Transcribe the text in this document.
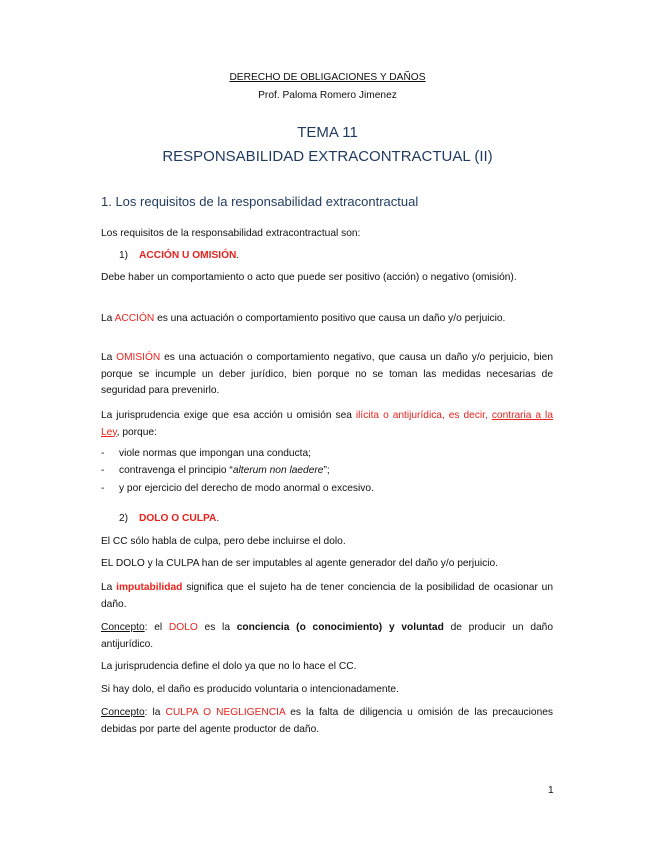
DERECHO DE OBLIGACIONES Y DAÑOS
Prof. Paloma Romero Jimenez
TEMA 11
RESPONSABILIDAD EXTRACONTRACTUAL (II)
1. Los requisitos de la responsabilidad extracontractual

Los requisitos de la responsabilidad extracontractual son:

1) ACCIÓN U OMISIÓN.

Debe haber un comportamiento o acto que puede ser positivo (acción) o negativo (omisión).

La ACCIÓN es una actuación o comportamiento positivo que causa un daño y/o perjuicio.

La OMISIÓN es una actuación o comportamiento negativo, que causa un daño y/o perjuicio, bien porque se incumple un deber jurídico, bien porque no se toman las medidas necesarias de seguridad para prevenirlo.

La jurisprudencia exige que esa acción u omisión sea ilícita o antijurídica, es decir, contraria a la Ley, porque:

- viole normas que impongan una conducta;
- contravenga el principio “alterum non laedere”;
- y por ejercicio del derecho de modo anormal o excesivo.

2) DOLO O CULPA.

El CC sólo habla de culpa, pero debe incluirse el dolo.

EL DOLO y la CULPA han de ser imputables al agente generador del daño y/o perjuicio.

La imputabilidad significa que el sujeto ha de tener conciencia de la posibilidad de ocasionar un daño.

Concepto: el DOLO es la conciencia (o conocimiento) y voluntad de producir un daño antijurídico.

La jurisprudencia define el dolo ya que no lo hace el CC.

Si hay dolo, el daño es producido voluntaria o intencionadamente.

Concepto: la CULPA O NEGLIGENCIA es la falta de diligencia u omisión de las precauciones debidas por parte del agente productor de daño.

1
